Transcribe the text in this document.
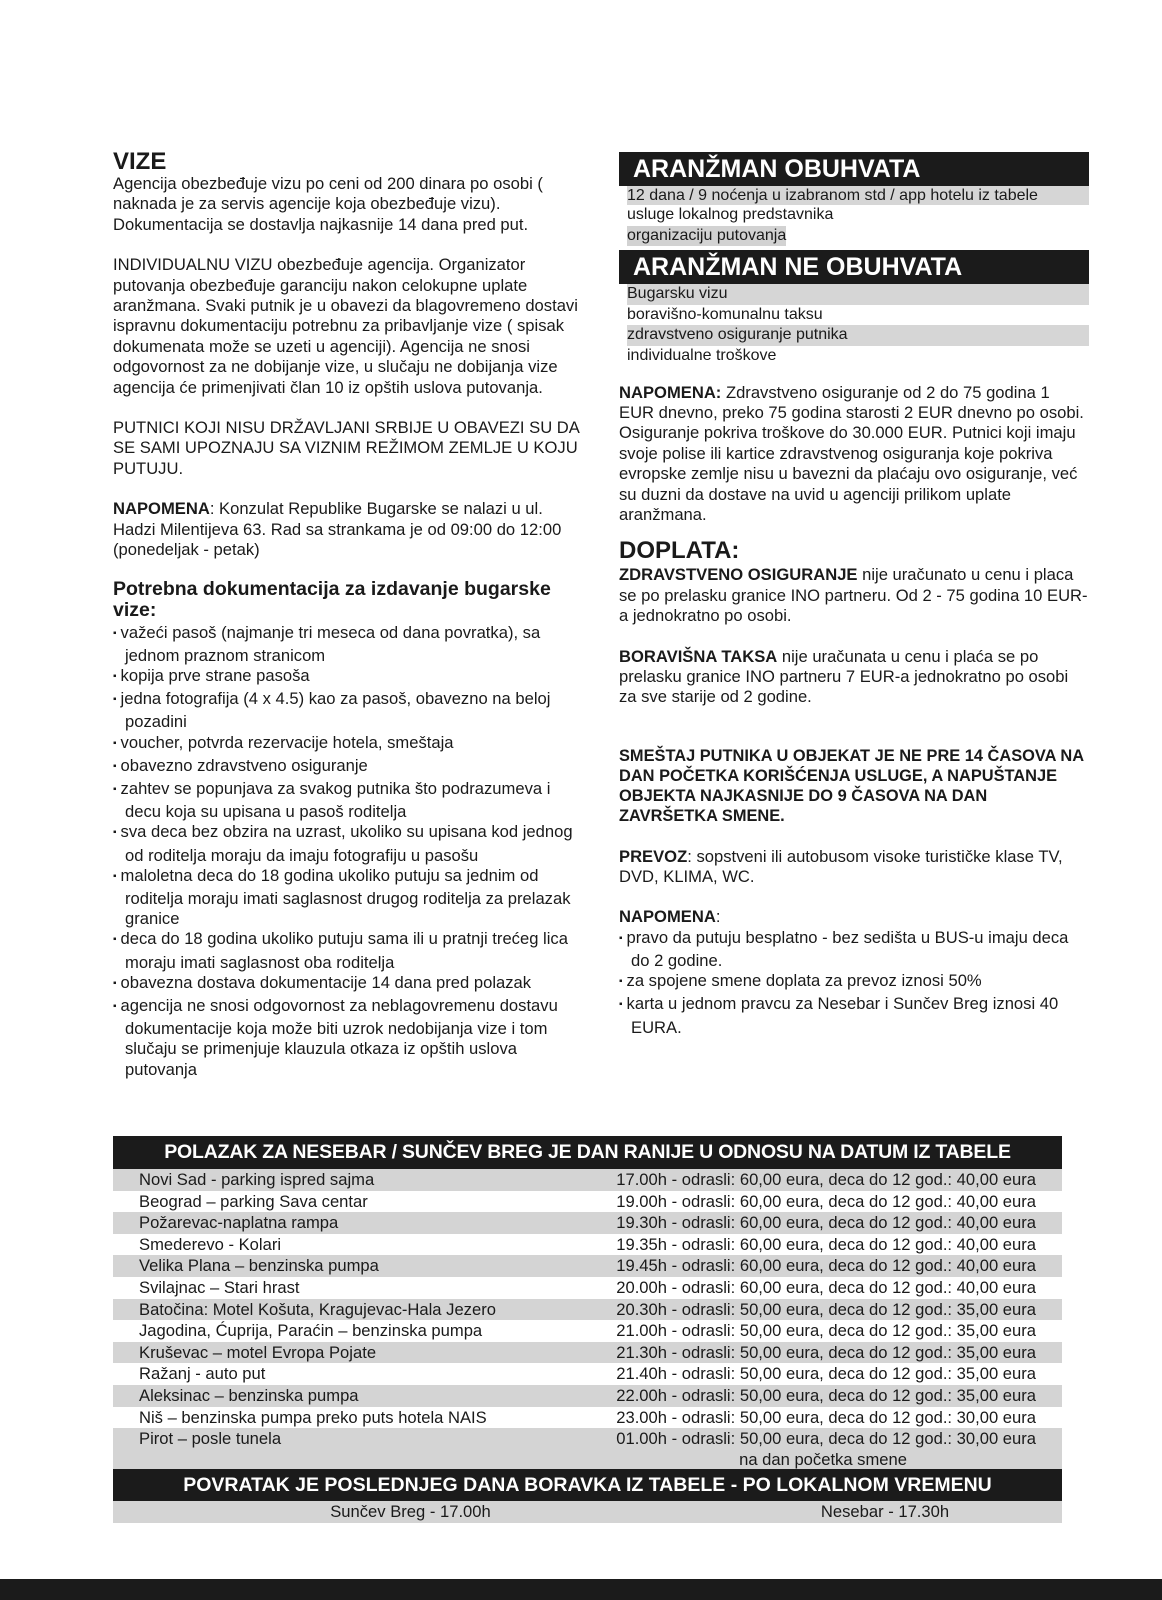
VIZE

Agencija obezbeđuje vizu po ceni od 200 dinara po osobi ( naknada je za servis agencije koja obezbeđuje vizu). Dokumentacija se dostavlja najkasnije 14 dana pred put.

INDIVIDUALNU VIZU obezbeđuje agencija. Organizator putovanja obezbeđuje garanciju nakon celokupne uplate aranžmana. Svaki putnik je u obavezi da blagovremeno dostavi ispravnu dokumentaciju potrebnu za pribavljanje vize ( spisak dokumenata može se uzeti u agenciji). Agencija ne snosi odgovornost za ne dobijanje vize, u slučaju ne dobijanja vize agencija će primenjivati član 10 iz opštih uslova putovanja.

PUTNICI KOJI NISU DRŽAVLJANI SRBIJE U OBAVEZI SU DA SE SAMI UPOZNAJU SA VIZNIM REŽIMOM ZEMLJE U KOJU PUTUJU.

NAPOMENA: Konzulat Republike Bugarske se nalazi u ul. Hadzi Milentijeva 63. Rad sa strankama je od 09:00 do 12:00 (ponedeljak - petak)

Potrebna dokumentacija za izdavanje bugarske vize:
▪ važeći pasoš (najmanje tri meseca od dana povratka), sa jednom praznom stranicom
▪ kopija prve strane pasoša
▪ jedna fotografija (4 x 4.5) kao za pasoš, obavezno na beloj pozadini
▪ voucher, potvrda rezervacije hotela, smeštaja
▪ obavezno zdravstveno osiguranje
▪ zahtev se popunjava za svakog putnika što podrazumeva i decu koja su upisana u pasoš roditelja
▪ sva deca bez obzira na uzrast, ukoliko su upisana kod jednog od roditelja moraju da imaju fotografiju u pasošu
▪ maloletna deca do 18 godina ukoliko putuju sa jednim od roditelja moraju imati saglasnost drugog roditelja za prelazak granice
▪ deca do 18 godina ukoliko putuju sama ili u pratnji trećeg lica moraju imati saglasnost oba roditelja
▪ obavezna dostava dokumentacije 14 dana pred polazak
▪ agencija ne snosi odgovornost za neblagovremenu dostavu dokumentacije koja može biti uzrok nedobijanja vize i tom slučaju se primenjuje klauzula otkaza iz opštih uslova putovanja
ARANŽMAN OBUHVATA
12 dana / 9 noćenja u izabranom std / app hotelu iz tabele
usluge lokalnog predstavnika
organizaciju putovanja
ARANŽMAN NE OBUHVATA
Bugarsku vizu
boravišno-komunalnu taksu
zdravstveno osiguranje putnika
individualne troškove

NAPOMENA: Zdravstveno osiguranje od 2 do 75 godina 1 EUR dnevno, preko 75 godina starosti 2 EUR dnevno po osobi. Osiguranje pokriva troškove do 30.000 EUR. Putnici koji imaju svoje polise ili kartice zdravstvenog osiguranja koje pokriva evropske zemlje nisu u bavezni da plaćaju ovo osiguranje, već su duzni da dostave na uvid u agenciji prilikom uplate aranžmana.

DOPLATA:

ZDRAVSTVENO OSIGURANJE nije uračunato u cenu i placa se po prelasku granice INO partneru. Od 2 - 75 godina 10 EUR-a jednokratno po osobi.

BORAVIŠNA TAKSA nije uračunata u cenu i plaća se po prelasku granice INO partneru 7 EUR-a jednokratno po osobi za sve starije od 2 godine.

SMEŠTAJ PUTNIKA U OBJEKAT JE NE PRE 14 ČASOVA NA DAN POČETKA KORIŠĆENJA USLUGE, A NAPUŠTANJE OBJEKTA NAJKASNIJE DO 9 ČASOVA NA DAN ZAVRŠETKA SMENE.

PREVOZ: sopstveni ili autobusom visoke turističke klase TV, DVD, KLIMA, WC.

NAPOMENA:

▪ pravo da putuju besplatno - bez sedišta u BUS-u imaju deca do 2 godine.
▪ za spojene smene doplata za prevoz iznosi 50%
▪ karta u jednom pravcu za Nesebar i Sunčev Breg iznosi 40 EURA.
POLAZAK ZA NESEBAR / SUNČEV BREG JE DAN RANIJE U ODNOSU NA DATUM IZ TABELE
Novi Sad - parking ispred sajma	17.00h - odrasli: 60,00 eura, deca do 12 god.: 40,00 eura
Beograd – parking Sava centar	19.00h - odrasli: 60,00 eura, deca do 12 god.: 40,00 eura
Požarevac-naplatna rampa	19.30h - odrasli: 60,00 eura, deca do 12 god.: 40,00 eura
Smederevo - Kolari	19.35h - odrasli: 60,00 eura, deca do 12 god.: 40,00 eura
Velika Plana – benzinska pumpa	19.45h - odrasli: 60,00 eura, deca do 12 god.: 40,00 eura
Svilajnac – Stari hrast	20.00h - odrasli: 60,00 eura, deca do 12 god.: 40,00 eura
Batočina: Motel Košuta, Kragujevac-Hala Jezero	20.30h - odrasli: 50,00 eura, deca do 12 god.: 35,00 eura
Jagodina, Ćuprija, Paraćin – benzinska pumpa	21.00h - odrasli: 50,00 eura, deca do 12 god.: 35,00 eura
Kruševac – motel Evropa Pojate	21.30h - odrasli: 50,00 eura, deca do 12 god.: 35,00 eura
Ražanj - auto put	21.40h - odrasli: 50,00 eura, deca do 12 god.: 35,00 eura
Aleksinac – benzinska pumpa	22.00h - odrasli: 50,00 eura, deca do 12 god.: 35,00 eura
Niš – benzinska pumpa preko puts hotela NAIS	23.00h - odrasli: 50,00 eura, deca do 12 god.: 30,00 eura
Pirot – posle tunela	01.00h - odrasli: 50,00 eura, deca do 12 god.: 30,00 eura
na dan početka smene
POVRATAK JE POSLEDNJEG DANA BORAVKA IZ TABELE - PO LOKALNOM VREMENU
Sunčev Breg - 17.00h	Nesebar - 17.30h
